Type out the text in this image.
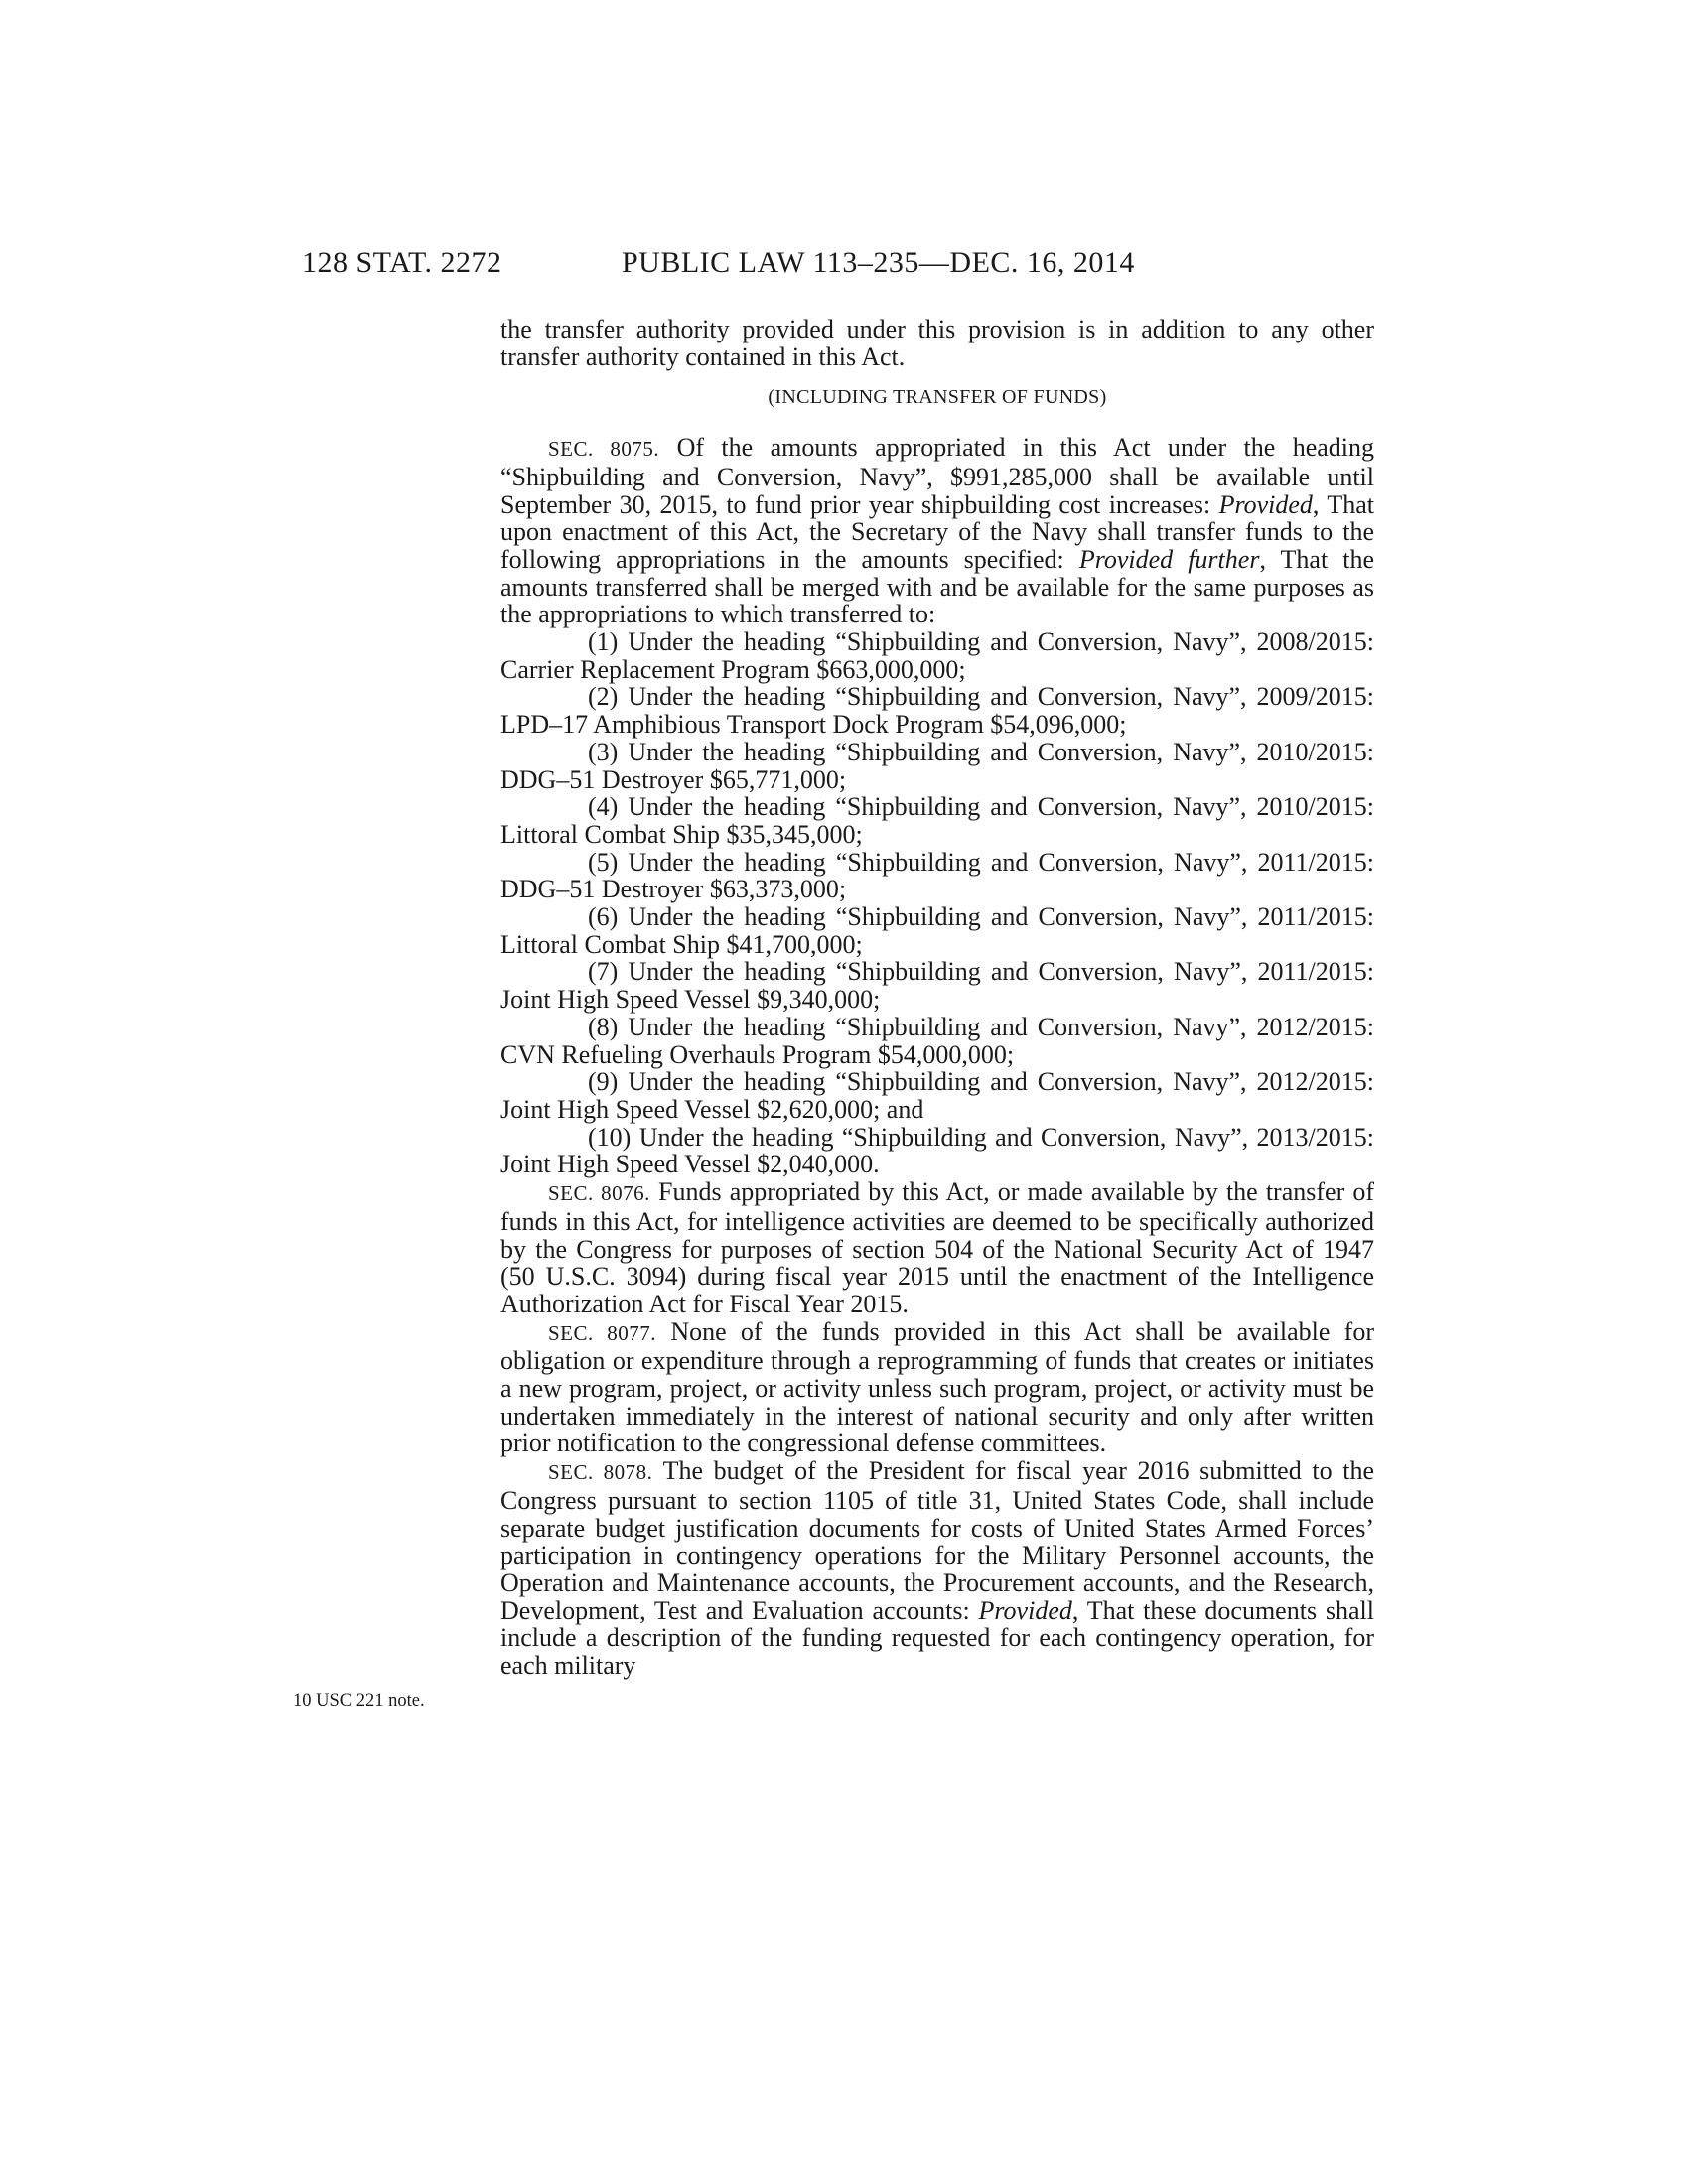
128 STAT. 2272	PUBLIC LAW 113–235—DEC. 16, 2014
10 USC 221 note.

the transfer authority provided under this provision is in addition to any other transfer authority contained in this Act.

(INCLUDING TRANSFER OF FUNDS)

SEC. 8075. Of the amounts appropriated in this Act under the heading “Shipbuilding and Conversion, Navy”, $991,285,000 shall be available until September 30, 2015, to fund prior year shipbuilding cost increases: Provided, That upon enactment of this Act, the Secretary of the Navy shall transfer funds to the following appropriations in the amounts specified: Provided further, That the amounts transferred shall be merged with and be available for the same purposes as the appropriations to which transferred to:

(1) Under the heading “Shipbuilding and Conversion, Navy”, 2008/2015: Carrier Replacement Program $663,000,000;

(2) Under the heading “Shipbuilding and Conversion, Navy”, 2009/2015: LPD–17 Amphibious Transport Dock Program $54,096,000;

(3) Under the heading “Shipbuilding and Conversion, Navy”, 2010/2015: DDG–51 Destroyer $65,771,000;

(4) Under the heading “Shipbuilding and Conversion, Navy”, 2010/2015: Littoral Combat Ship $35,345,000;

(5) Under the heading “Shipbuilding and Conversion, Navy”, 2011/2015: DDG–51 Destroyer $63,373,000;

(6) Under the heading “Shipbuilding and Conversion, Navy”, 2011/2015: Littoral Combat Ship $41,700,000;

(7) Under the heading “Shipbuilding and Conversion, Navy”, 2011/2015: Joint High Speed Vessel $9,340,000;

(8) Under the heading “Shipbuilding and Conversion, Navy”, 2012/2015: CVN Refueling Overhauls Program $54,000,000;

(9) Under the heading “Shipbuilding and Conversion, Navy”, 2012/2015: Joint High Speed Vessel $2,620,000; and

(10) Under the heading “Shipbuilding and Conversion, Navy”, 2013/2015: Joint High Speed Vessel $2,040,000.

SEC. 8076. Funds appropriated by this Act, or made available by the transfer of funds in this Act, for intelligence activities are deemed to be specifically authorized by the Congress for purposes of section 504 of the National Security Act of 1947 (50 U.S.C. 3094) during fiscal year 2015 until the enactment of the Intelligence Authorization Act for Fiscal Year 2015.

SEC. 8077. None of the funds provided in this Act shall be available for obligation or expenditure through a reprogramming of funds that creates or initiates a new program, project, or activity unless such program, project, or activity must be undertaken immediately in the interest of national security and only after written prior notification to the congressional defense committees.

SEC. 8078. The budget of the President for fiscal year 2016 submitted to the Congress pursuant to section 1105 of title 31, United States Code, shall include separate budget justification documents for costs of United States Armed Forces’ participation in contingency operations for the Military Personnel accounts, the Operation and Maintenance accounts, the Procurement accounts, and the Research, Development, Test and Evaluation accounts: Provided, That these documents shall include a description of the funding requested for each contingency operation, for each military
